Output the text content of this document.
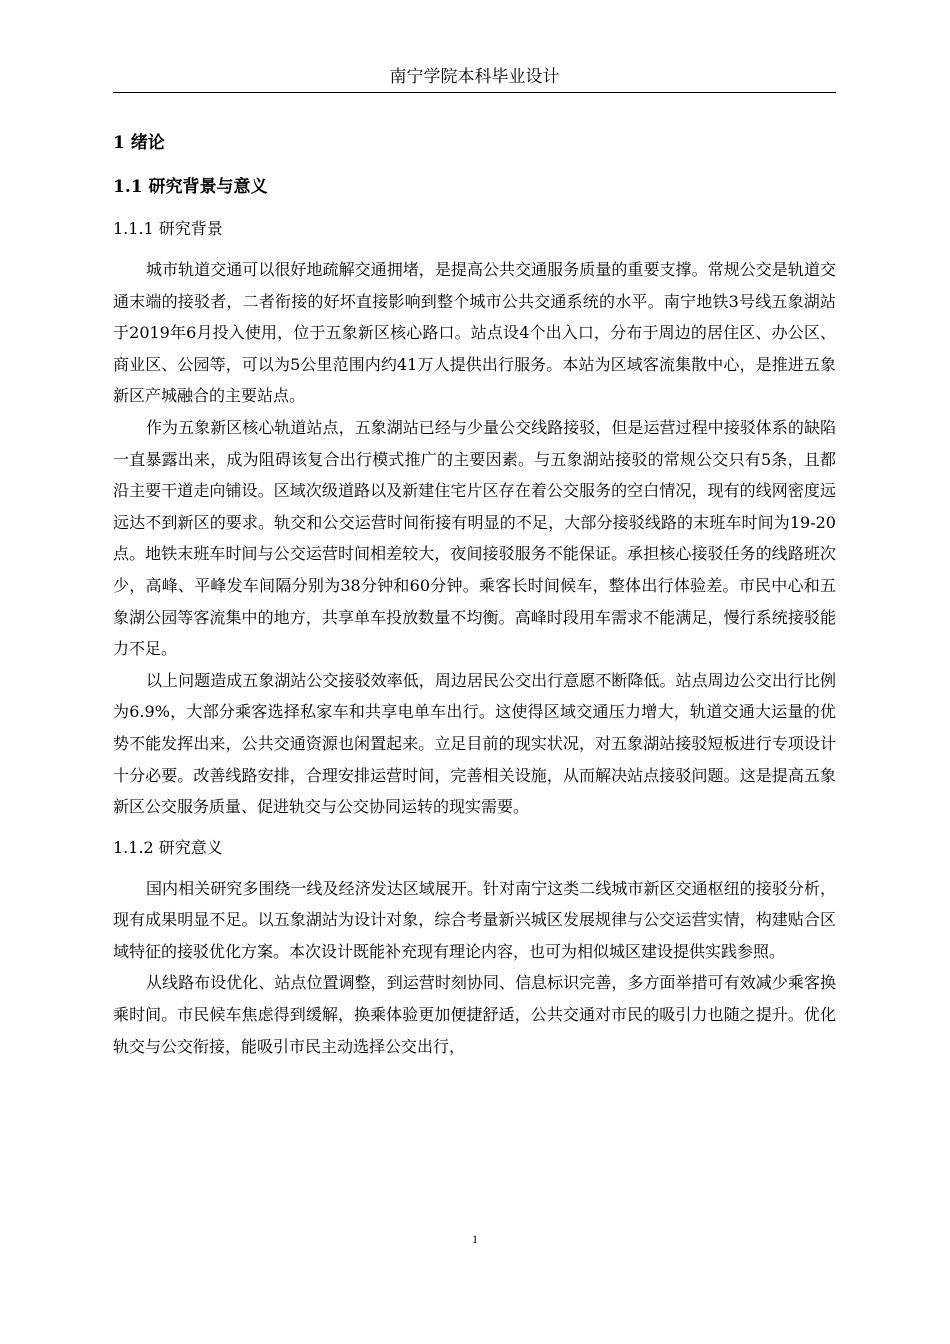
南宁学院本科毕业设计
1 绪论
1.1 研究背景与意义
1.1.1 研究背景

城市轨道交通可以很好地疏解交通拥堵，是提高公共交通服务质量的重要支撑。常规公交是轨道交通末端的接驳者，二者衔接的好坏直接影响到整个城市公共交通系统的水平。南宁地铁3号线五象湖站于2019年6月投入使用，位于五象新区核心路口。站点设4个出入口，分布于周边的居住区、办公区、商业区、公园等，可以为5公里范围内约41万人提供出行服务。本站为区域客流集散中心，是推进五象新区产城融合的主要站点。

作为五象新区核心轨道站点，五象湖站已经与少量公交线路接驳，但是运营过程中接驳体系的缺陷一直暴露出来，成为阻碍该复合出行模式推广的主要因素。与五象湖站接驳的常规公交只有5条，且都沿主要干道走向铺设。区域次级道路以及新建住宅片区存在着公交服务的空白情况，现有的线网密度远远达不到新区的要求。轨交和公交运营时间衔接有明显的不足，大部分接驳线路的末班车时间为19-20点。地铁末班车时间与公交运营时间相差较大，夜间接驳服务不能保证。承担核心接驳任务的线路班次少，高峰、平峰发车间隔分别为38分钟和60分钟。乘客长时间候车，整体出行体验差。市民中心和五象湖公园等客流集中的地方，共享单车投放数量不均衡。高峰时段用车需求不能满足，慢行系统接驳能力不足。

以上问题造成五象湖站公交接驳效率低，周边居民公交出行意愿不断降低。站点周边公交出行比例为6.9%，大部分乘客选择私家车和共享电单车出行。这使得区域交通压力增大，轨道交通大运量的优势不能发挥出来，公共交通资源也闲置起来。立足目前的现实状况，对五象湖站接驳短板进行专项设计十分必要。改善线路安排，合理安排运营时间，完善相关设施，从而解决站点接驳问题。这是提高五象新区公交服务质量、促进轨交与公交协同运转的现实需要。

1.1.2 研究意义

国内相关研究多围绕一线及经济发达区域展开。针对南宁这类二线城市新区交通枢纽的接驳分析，现有成果明显不足。以五象湖站为设计对象，综合考量新兴城区发展规律与公交运营实情，构建贴合区域特征的接驳优化方案。本次设计既能补充现有理论内容，也可为相似城区建设提供实践参照。

从线路布设优化、站点位置调整，到运营时刻协同、信息标识完善，多方面举措可有效减少乘客换乘时间。市民候车焦虑得到缓解，换乘体验更加便捷舒适，公共交通对市民的吸引力也随之提升。优化轨交与公交衔接，能吸引市民主动选择公交出行，

1
